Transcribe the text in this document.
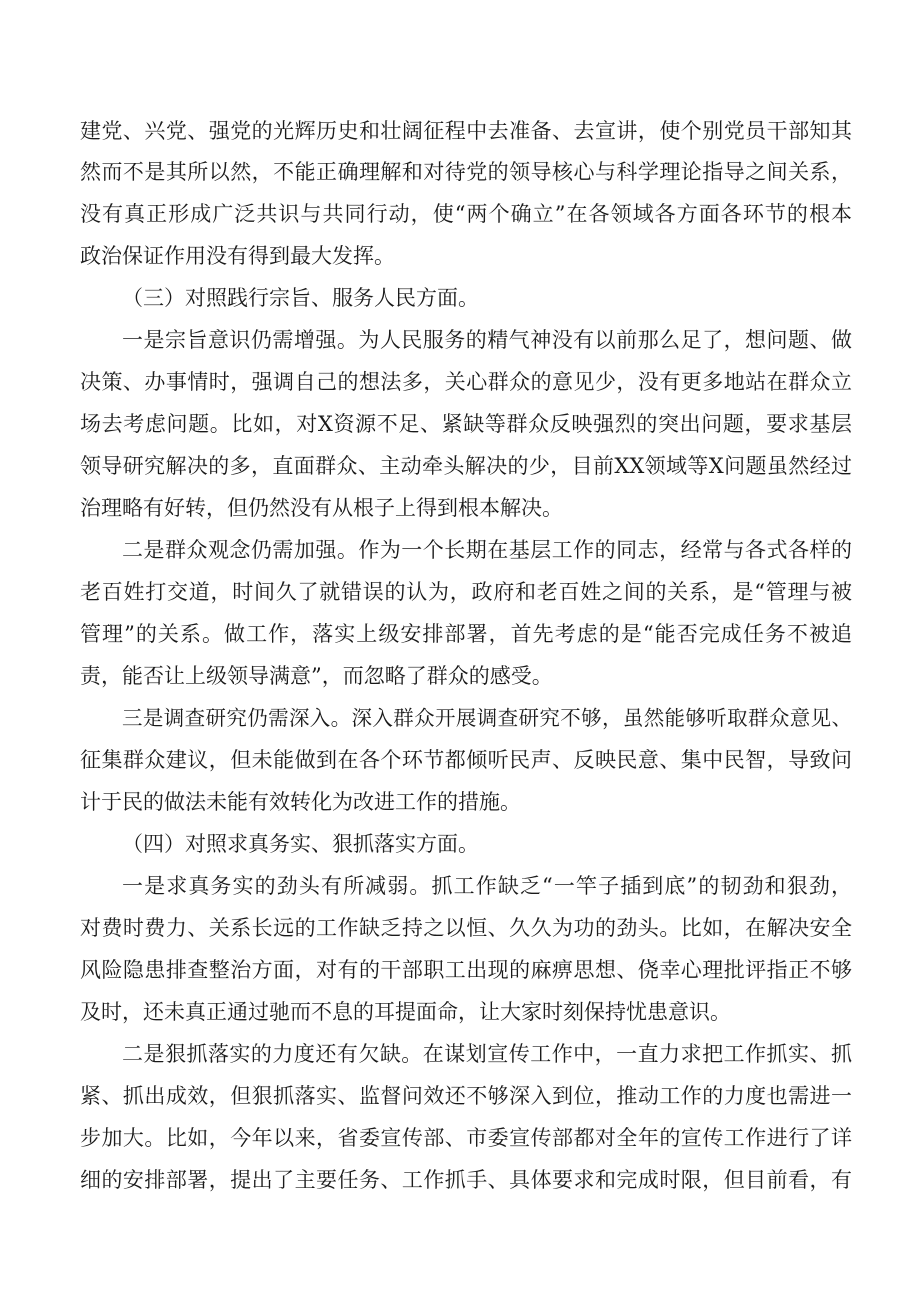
建党、兴党、强党的光辉历史和壮阔征程中去准备、去宣讲，使个别党员干部知其
然而不是其所以然，不能正确理解和对待党的领导核心与科学理论指导之间关系，
没有真正形成广泛共识与共同行动，使“两个确立”在各领域各方面各环节的根本
政治保证作用没有得到最大发挥。
（三）对照践行宗旨、服务人民方面。
一是宗旨意识仍需增强。为人民服务的精气神没有以前那么足了，想问题、做
决策、办事情时，强调自己的想法多，关心群众的意见少，没有更多地站在群众立
场去考虑问题。比如，对X资源不足、紧缺等群众反映强烈的突出问题，要求基层
领导研究解决的多，直面群众、主动牵头解决的少，目前XX领域等X问题虽然经过
治理略有好转，但仍然没有从根子上得到根本解决。
二是群众观念仍需加强。作为一个长期在基层工作的同志，经常与各式各样的
老百姓打交道，时间久了就错误的认为，政府和老百姓之间的关系，是“管理与被
管理”的关系。做工作，落实上级安排部署，首先考虑的是“能否完成任务不被追
责，能否让上级领导满意”，而忽略了群众的感受。
三是调查研究仍需深入。深入群众开展调查研究不够，虽然能够听取群众意见、
征集群众建议，但未能做到在各个环节都倾听民声、反映民意、集中民智，导致问
计于民的做法未能有效转化为改进工作的措施。
（四）对照求真务实、狠抓落实方面。
一是求真务实的劲头有所减弱。抓工作缺乏“一竿子插到底”的韧劲和狠劲，
对费时费力、关系长远的工作缺乏持之以恒、久久为功的劲头。比如，在解决安全
风险隐患排查整治方面，对有的干部职工出现的麻痹思想、侥幸心理批评指正不够
及时，还未真正通过驰而不息的耳提面命，让大家时刻保持忧患意识。
二是狠抓落实的力度还有欠缺。在谋划宣传工作中，一直力求把工作抓实、抓
紧、抓出成效，但狠抓落实、监督问效还不够深入到位，推动工作的力度也需进一
步加大。比如，今年以来，省委宣传部、市委宣传部都对全年的宣传工作进行了详
细的安排部署，提出了主要任务、工作抓手、具体要求和完成时限，但目前看，有
